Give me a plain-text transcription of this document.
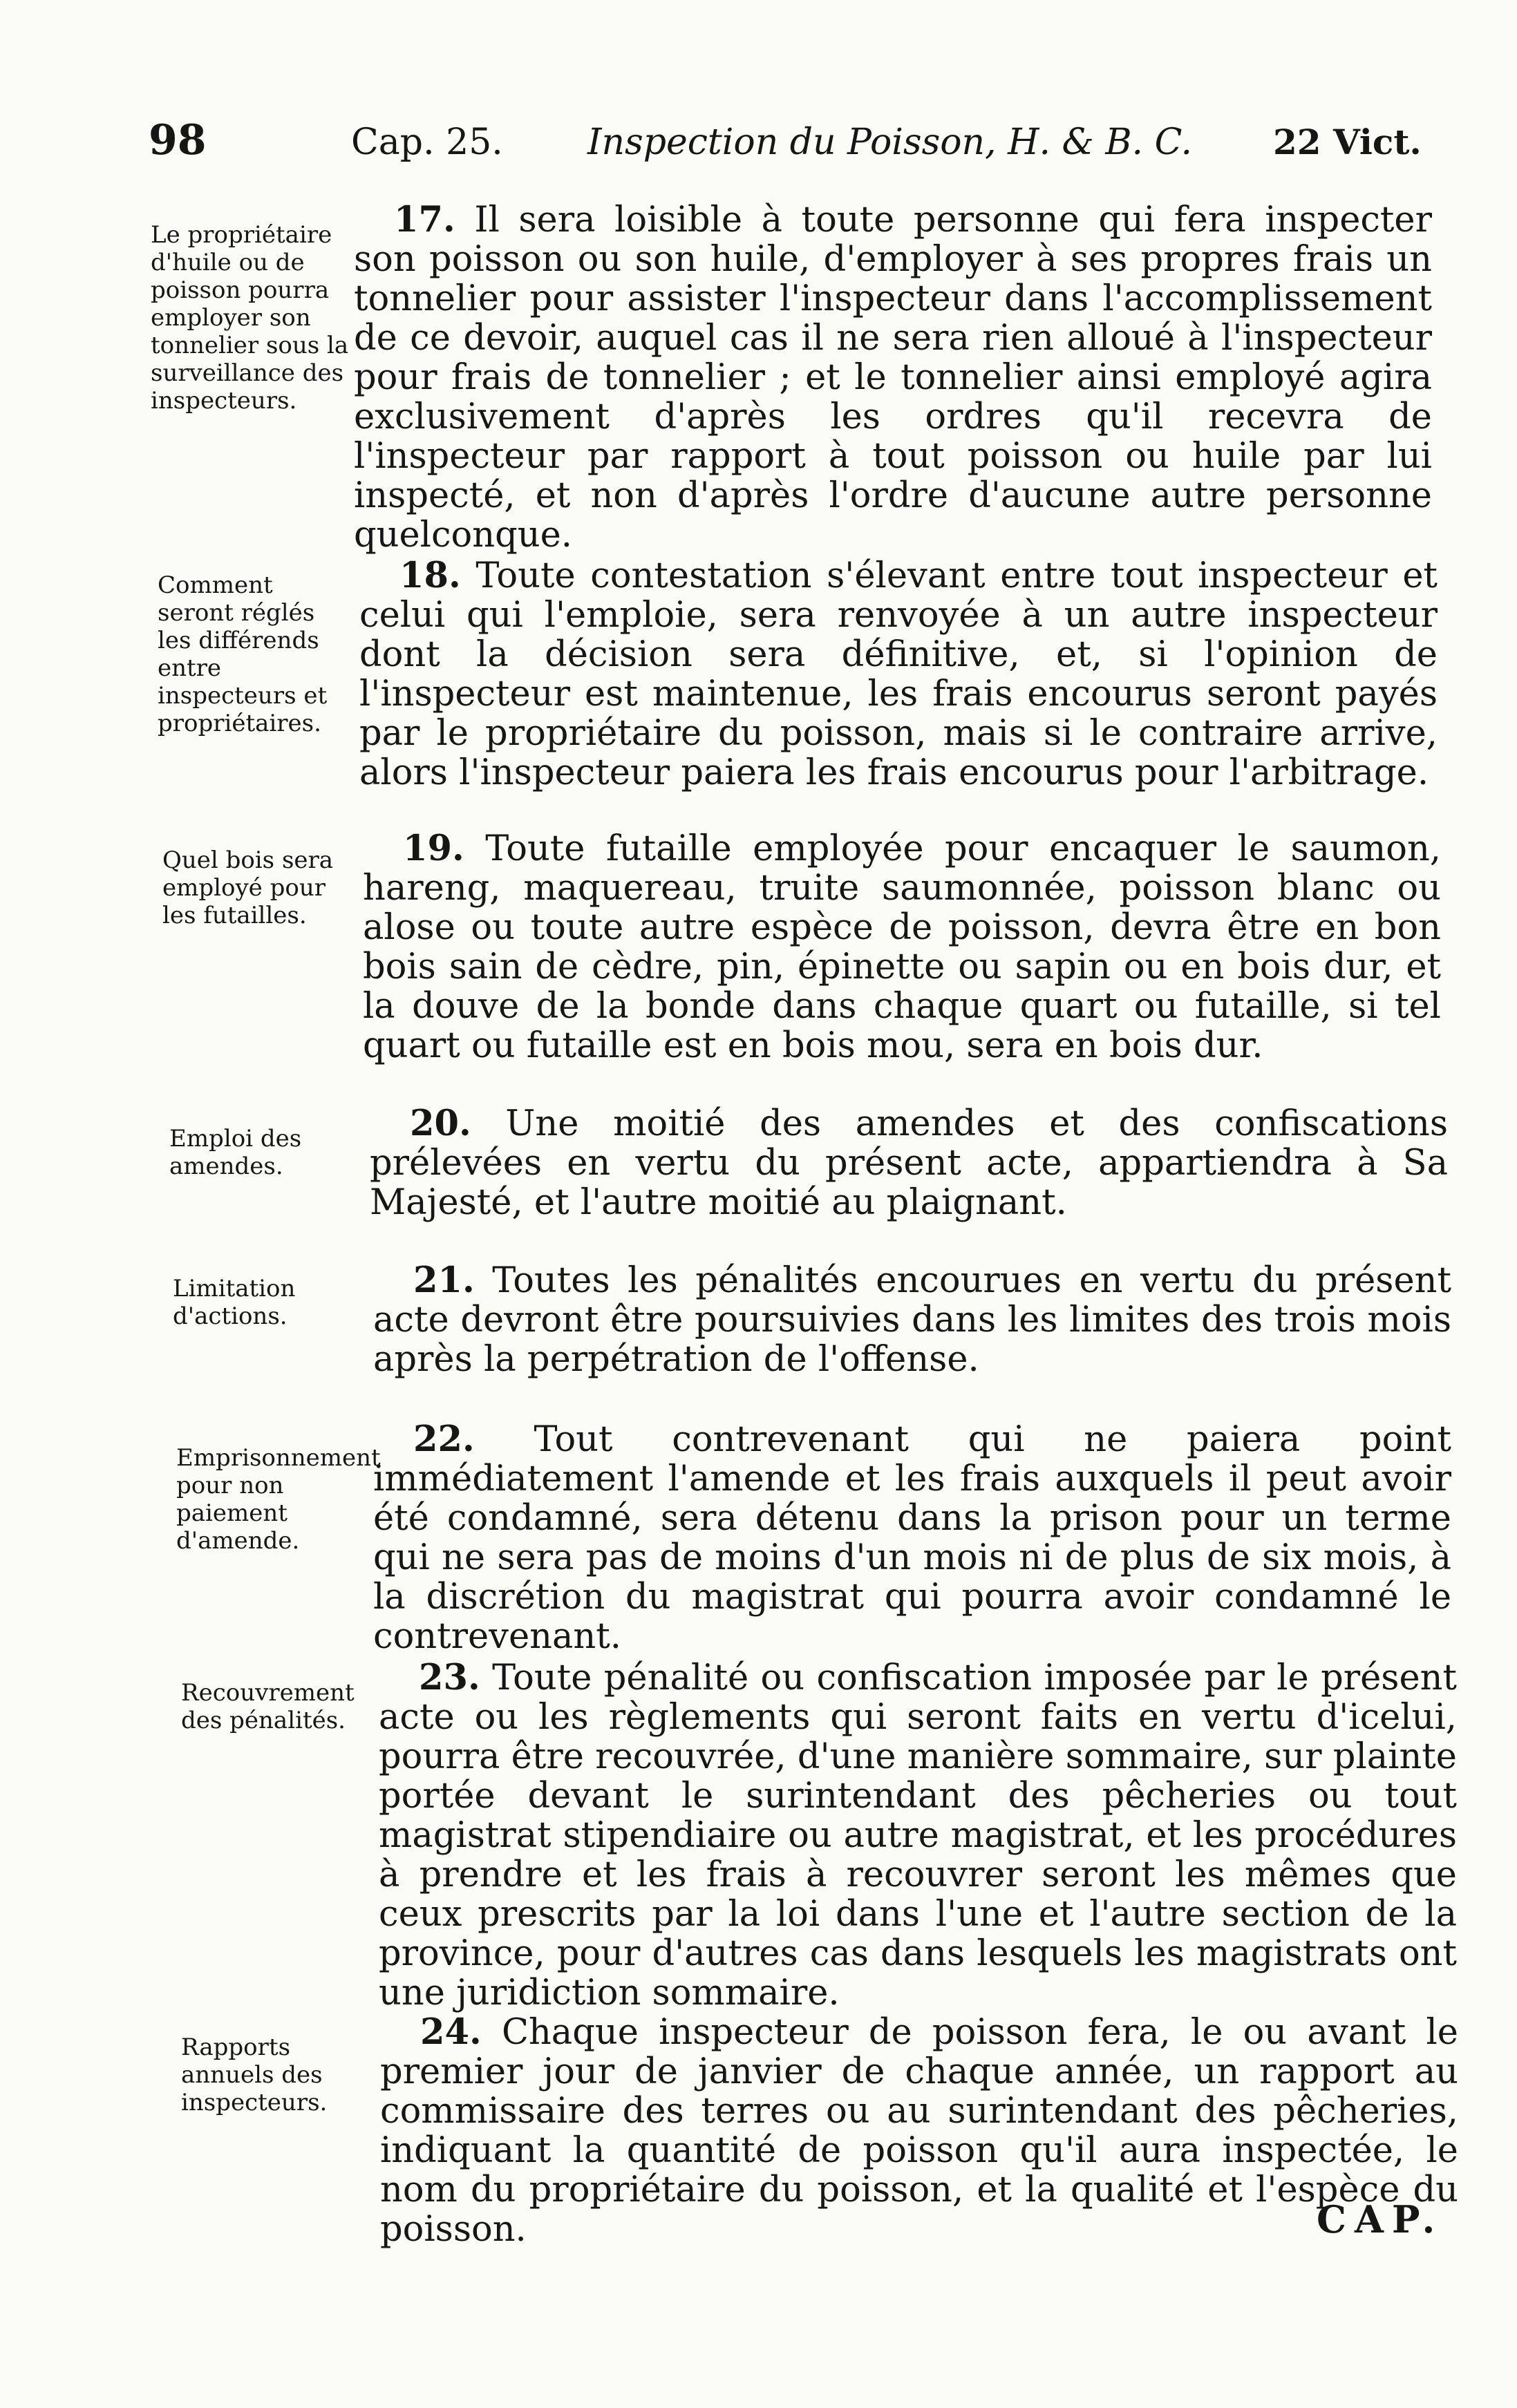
98	Cap. 25. Inspection du Poisson, H. & B. C. 22 Vict.
Le propriétaire d'huile ou de poisson pourra employer son tonnelier sous la surveillance des inspecteurs.
17. Il sera loisible à toute personne qui fera inspecter son poisson ou son huile, d'employer à ses propres frais un tonnelier pour assister l'inspecteur dans l'accomplissement de ce devoir, auquel cas il ne sera rien alloué à l'inspecteur pour frais de tonnelier ; et le tonnelier ainsi employé agira exclusivement d'après les ordres qu'il recevra de l'inspecteur par rapport à tout poisson ou huile par lui inspecté, et non d'après l'ordre d'aucune autre personne quelconque.
Comment seront réglés les différends entre inspecteurs et propriétaires.
18. Toute contestation s'élevant entre tout inspecteur et celui qui l'emploie, sera renvoyée à un autre inspecteur dont la décision sera définitive, et, si l'opinion de l'inspecteur est maintenue, les frais encourus seront payés par le propriétaire du poisson, mais si le contraire arrive, alors l'inspecteur paiera les frais encourus pour l'arbitrage.
Quel bois sera employé pour les futailles.
19. Toute futaille employée pour encaquer le saumon, hareng, maquereau, truite saumonnée, poisson blanc ou alose ou toute autre espèce de poisson, devra être en bon bois sain de cèdre, pin, épinette ou sapin ou en bois dur, et la douve de la bonde dans chaque quart ou futaille, si tel quart ou futaille est en bois mou, sera en bois dur.
Emploi des amendes.
20. Une moitié des amendes et des confiscations prélevées en vertu du présent acte, appartiendra à Sa Majesté, et l'autre moitié au plaignant.
Limitation d'actions.
21. Toutes les pénalités encourues en vertu du présent acte devront être poursuivies dans les limites des trois mois après la perpétration de l'offense.
Emprisonnement pour non paiement d'amende.
22. Tout contrevenant qui ne paiera point immédiatement l'amende et les frais auxquels il peut avoir été condamné, sera détenu dans la prison pour un terme qui ne sera pas de moins d'un mois ni de plus de six mois, à la discrétion du magistrat qui pourra avoir condamné le contrevenant.
Recouvrement des pénalités.
23. Toute pénalité ou confiscation imposée par le présent acte ou les règlements qui seront faits en vertu d'icelui, pourra être recouvrée, d'une manière sommaire, sur plainte portée devant le surintendant des pêcheries ou tout magistrat stipendiaire ou autre magistrat, et les procédures à prendre et les frais à recouvrer seront les mêmes que ceux prescrits par la loi dans l'une et l'autre section de la province, pour d'autres cas dans lesquels les magistrats ont une juridiction sommaire.
Rapports annuels des inspecteurs.
24. Chaque inspecteur de poisson fera, le ou avant le premier jour de janvier de chaque année, un rapport au commissaire des terres ou au surintendant des pêcheries, indiquant la quantité de poisson qu'il aura inspectée, le nom du propriétaire du poisson, et la qualité et l'espèce du poisson.	CAP.
